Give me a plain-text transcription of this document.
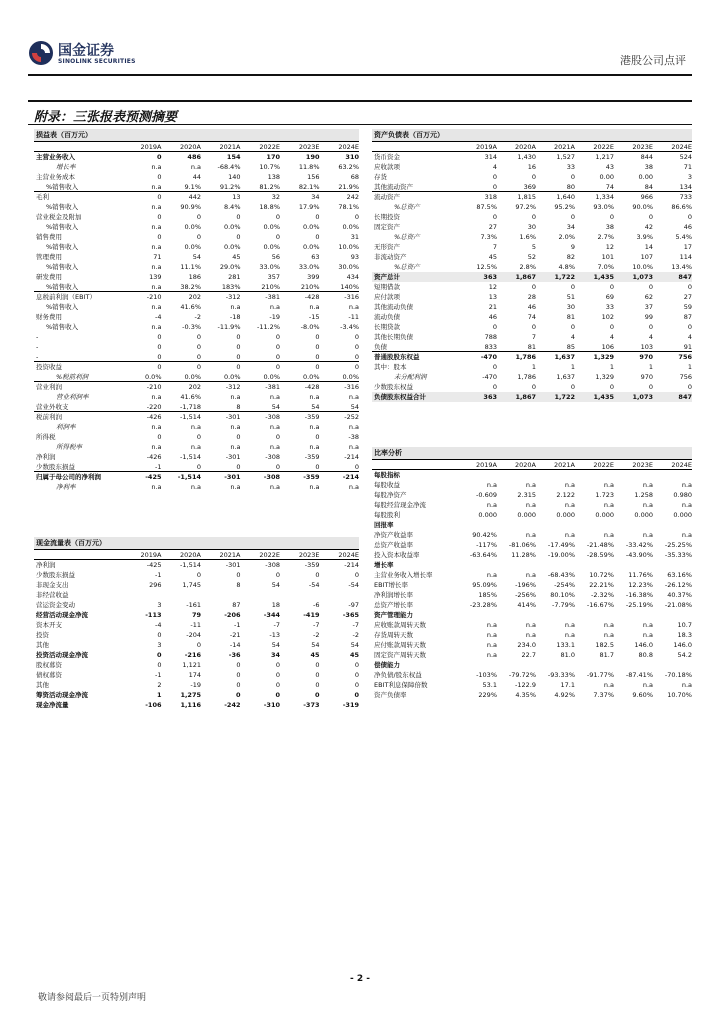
国金证券
SINOLINK SECURITIES	港股公司点评
附录：三张报表预测摘要
损益表（百万元）
2019A	2020A	2021A	2022E	2023E	2024E
主营业务收入	0	486	154	170	190	310
增长率	n.a	n.a	-68.4%	10.7%	11.8%	63.2%
主营业务成本	0	44	140	138	156	68
%销售收入	n.a	9.1%	91.2%	81.2%	82.1%	21.9%
毛利	0	442	13	32	34	242
%销售收入	n.a	90.9%	8.4%	18.8%	17.9%	78.1%
营业税金及附加	0	0	0	0	0	0
%销售收入	n.a	0.0%	0.0%	0.0%	0.0%	0.0%
销售费用	0	0	0	0	0	31
%销售收入	n.a	0.0%	0.0%	0.0%	0.0%	10.0%
管理费用	71	54	45	56	63	93
%销售收入	n.a	11.1%	29.0%	33.0%	33.0%	30.0%
研发费用	139	186	281	357	399	434
%销售收入	n.a	38.2%	183%	210%	210%	140%
息税前利润（EBIT）	-210	202	-312	-381	-428	-316
%销售收入	n.a	41.6%	n.a	n.a	n.a	n.a
财务费用	-4	-2	-18	-19	-15	-11
%销售收入	n.a	-0.3%	-11.9%	-11.2%	-8.0%	-3.4%
-	0	0	0	0	0	0
-	0	0	0	0	0	0
-	0	0	0	0	0	0
投资收益	0	0	0	0	0	0
%税前利润	0.0%	0.0%	0.0%	0.0%	0.0%	0.0%
营业利润	-210	202	-312	-381	-428	-316
营业利润率	n.a	41.6%	n.a	n.a	n.a	n.a
营业外收支	-220	-1,718	8	54	54	54
税前利润	-426	-1,514	-301	-308	-359	-252
利润率	n.a	n.a	n.a	n.a	n.a	n.a
所得税	0	0	0	0	0	-38
所得税率	n.a	n.a	n.a	n.a	n.a	n.a
净利润	-426	-1,514	-301	-308	-359	-214
少数股东损益	-1	0	0	0	0	0
归属于母公司的净利润	-425	-1,514	-301	-308	-359	-214
净利率	n.a	n.a	n.a	n.a	n.a	n.a
资产负债表（百万元）
2019A	2020A	2021A	2022E	2023E	2024E
货币资金	314	1,430	1,527	1,217	844	524
应收款项	4	16	33	43	38	71
存货	0	0	0	0.00	0.00	3
其他流动资产	0	369	80	74	84	134
流动资产	318	1,815	1,640	1,334	966	733
%总资产	87.5%	97.2%	95.2%	93.0%	90.0%	86.6%
长期投资	0	0	0	0	0	0
固定资产	27	30	34	38	42	46
%总资产	7.3%	1.6%	2.0%	2.7%	3.9%	5.4%
无形资产	7	5	9	12	14	17
非流动资产	45	52	82	101	107	114
%总资产	12.5%	2.8%	4.8%	7.0%	10.0%	13.4%
资产总计	363	1,867	1,722	1,435	1,073	847
短期借款	12	0	0	0	0	0
应付款项	13	28	51	69	62	27
其他流动负债	21	46	30	33	37	59
流动负债	46	74	81	102	99	87
长期贷款	0	0	0	0	0	0
其他长期负债	788	7	4	4	4	4
负债	833	81	85	106	103	91
普通股股东权益	-470	1,786	1,637	1,329	970	756
其中：股本	0	1	1	1	1	1
未分配利润	-470	1,786	1,637	1,329	970	756
少数股东权益	0	0	0	0	0	0
负债股东权益合计	363	1,867	1,722	1,435	1,073	847
比率分析
2019A	2020A	2021A	2022E	2023E	2024E
每股指标
每股收益	n.a	n.a	n.a	n.a	n.a	n.a
每股净资产	-0.609	2.315	2.122	1.723	1.258	0.980
每股经营现金净流	n.a	n.a	n.a	n.a	n.a	n.a
每股股利	0.000	0.000	0.000	0.000	0.000	0.000
回报率
净资产收益率	90.42%	n.a	n.a	n.a	n.a	n.a
总资产收益率	-117%	-81.06%	-17.49%	-21.48%	-33.42%	-25.25%
投入资本收益率	-63.64%	11.28%	-19.00%	-28.59%	-43.90%	-35.33%
增长率
主营业务收入增长率	n.a	n.a	-68.43%	10.72%	11.76%	63.16%
EBIT增长率	95.09%	-196%	-254%	22.21%	12.23%	-26.12%
净利润增长率	185%	-256%	80.10%	-2.32%	-16.38%	40.37%
总资产增长率	-23.28%	414%	-7.79%	-16.67%	-25.19%	-21.08%
资产管理能力
应收账款周转天数	n.a	n.a	n.a	n.a	n.a	10.7
存货周转天数	n.a	n.a	n.a	n.a	n.a	18.3
应付账款周转天数	n.a	234.0	133.1	182.5	146.0	146.0
固定资产周转天数	n.a	22.7	81.0	81.7	80.8	54.2
偿债能力
净负债/股东权益	-103%	-79.72%	-93.33%	-91.77%	-87.41%	-70.18%
EBIT利息保障倍数	53.1	-122.9	17.1	n.a	n.a	n.a
资产负债率	229%	4.35%	4.92%	7.37%	9.60%	10.70%
现金流量表（百万元）
2019A	2020A	2021A	2022E	2023E	2024E
净利润	-425	-1,514	-301	-308	-359	-214
少数股东损益	-1	0	0	0	0	0
非现金支出	296	1,745	8	54	-54	-54
非经营收益
营运资金变动	3	-161	87	18	-6	-97
经营活动现金净流	-113	79	-206	-344	-419	-365
资本开支	-4	-11	-1	-7	-7	-7
投资	0	-204	-21	-13	-2	-2
其他	3	0	-14	54	54	54
投资活动现金净流	0	-216	-36	34	45	45
股权募资	0	1,121	0	0	0	0
债权募资	-1	174	0	0	0	0
其他	2	-19	0	0	0	0
筹资活动现金净流	1	1,275	0	0	0	0
现金净流量	-106	1,116	-242	-310	-373	-319
- 2 -
敬请参阅最后一页特别声明
